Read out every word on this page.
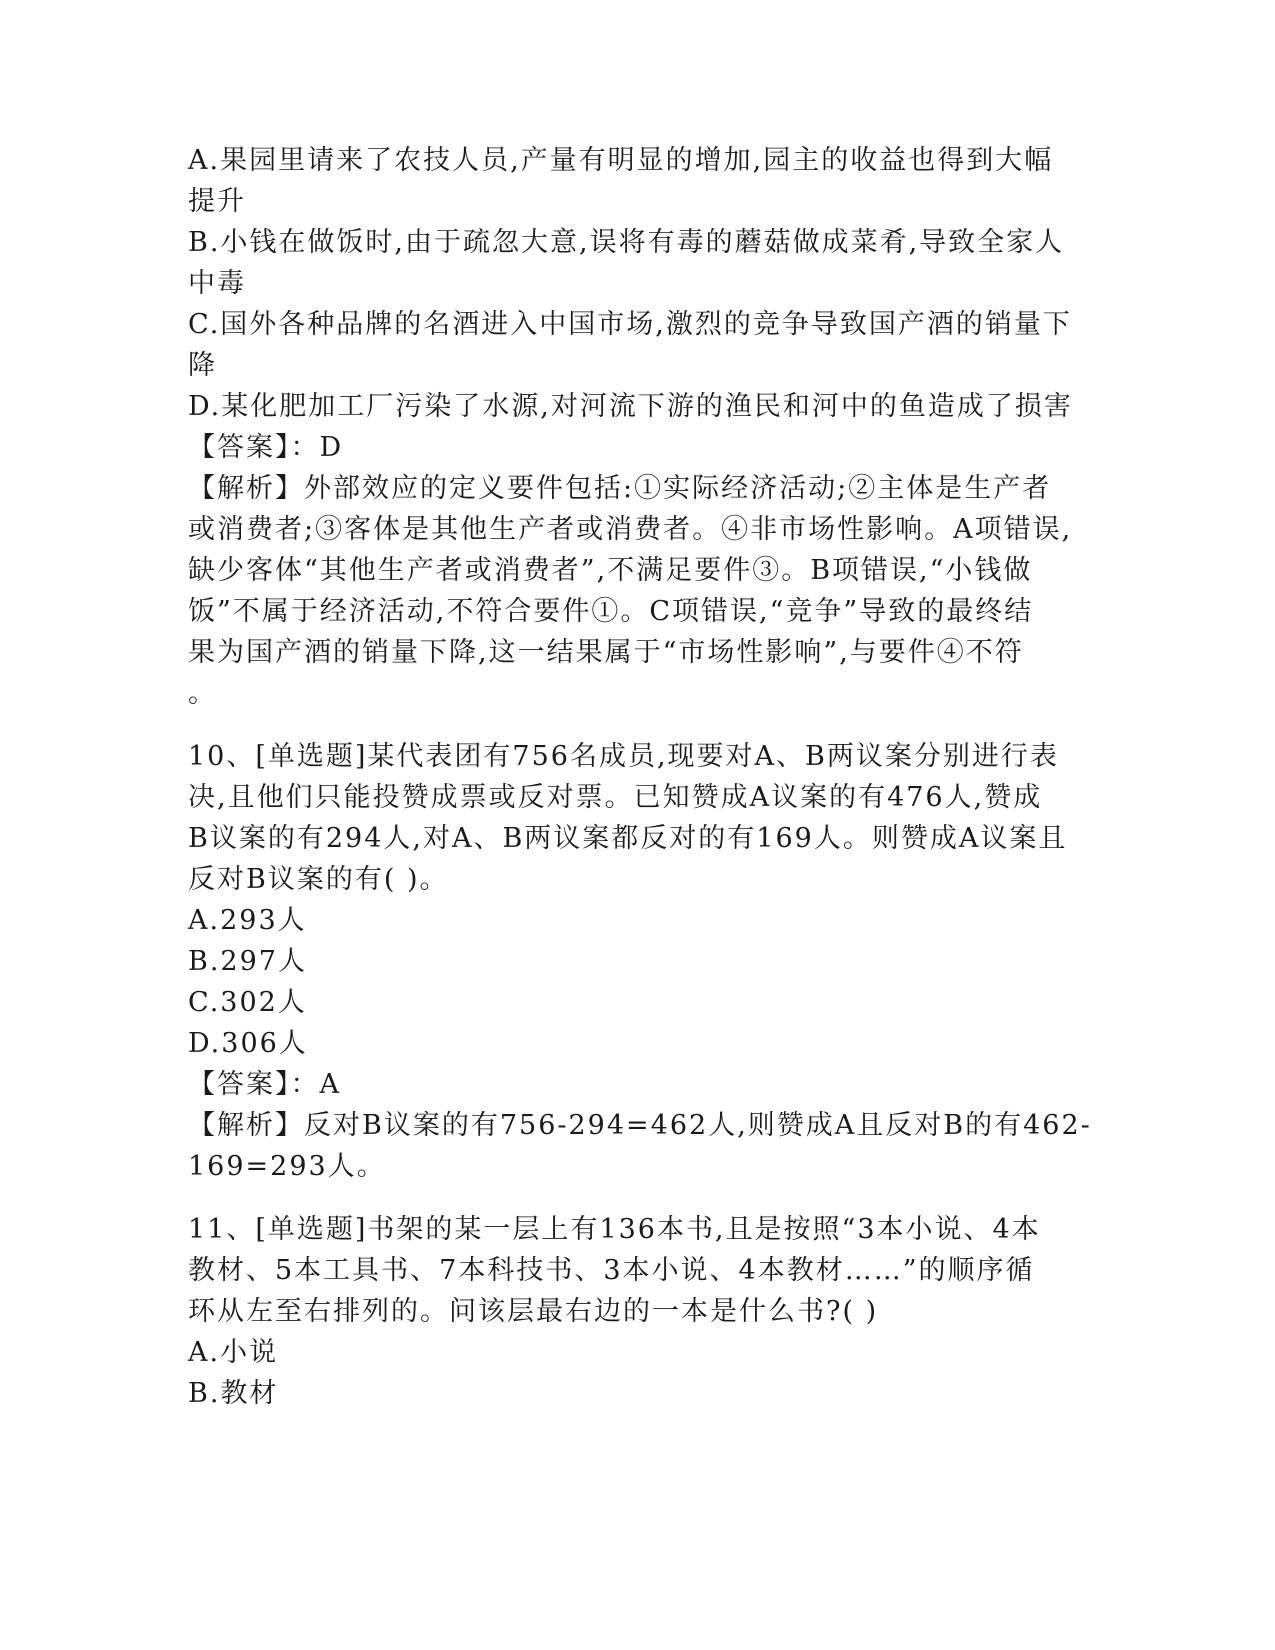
A.果园里请来了农技人员,产量有明显的增加,园主的收益也得到大幅
提升
B.小钱在做饭时,由于疏忽大意,误将有毒的蘑菇做成菜肴,导致全家人
中毒
C.国外各种品牌的名酒进入中国市场,激烈的竞争导致国产酒的销量下
降
D.某化肥加工厂污染了水源,对河流下游的渔民和河中的鱼造成了损害
【答案】：D
【解析】外部效应的定义要件包括:①实际经济活动;②主体是生产者
或消费者;③客体是其他生产者或消费者。④非市场性影响。A项错误,
缺少客体“其他生产者或消费者”,不满足要件③。B项错误,“小钱做
饭”不属于经济活动,不符合要件①。C项错误,“竞争”导致的最终结
果为国产酒的销量下降,这一结果属于“市场性影响”,与要件④不符
。
10、[单选题]某代表团有756名成员,现要对A、B两议案分别进行表
决,且他们只能投赞成票或反对票。已知赞成A议案的有476人,赞成
B议案的有294人,对A、B两议案都反对的有169人。则赞成A议案且
反对B议案的有( )。
A.293人
B.297人
C.302人
D.306人
【答案】：A
【解析】反对B议案的有756-294=462人,则赞成A且反对B的有462-
169=293人。
11、[单选题]书架的某一层上有136本书,且是按照“3本小说、4本
教材、5本工具书、7本科技书、3本小说、4本教材……”的顺序循
环从左至右排列的。问该层最右边的一本是什么书?( )
A.小说
B.教材
